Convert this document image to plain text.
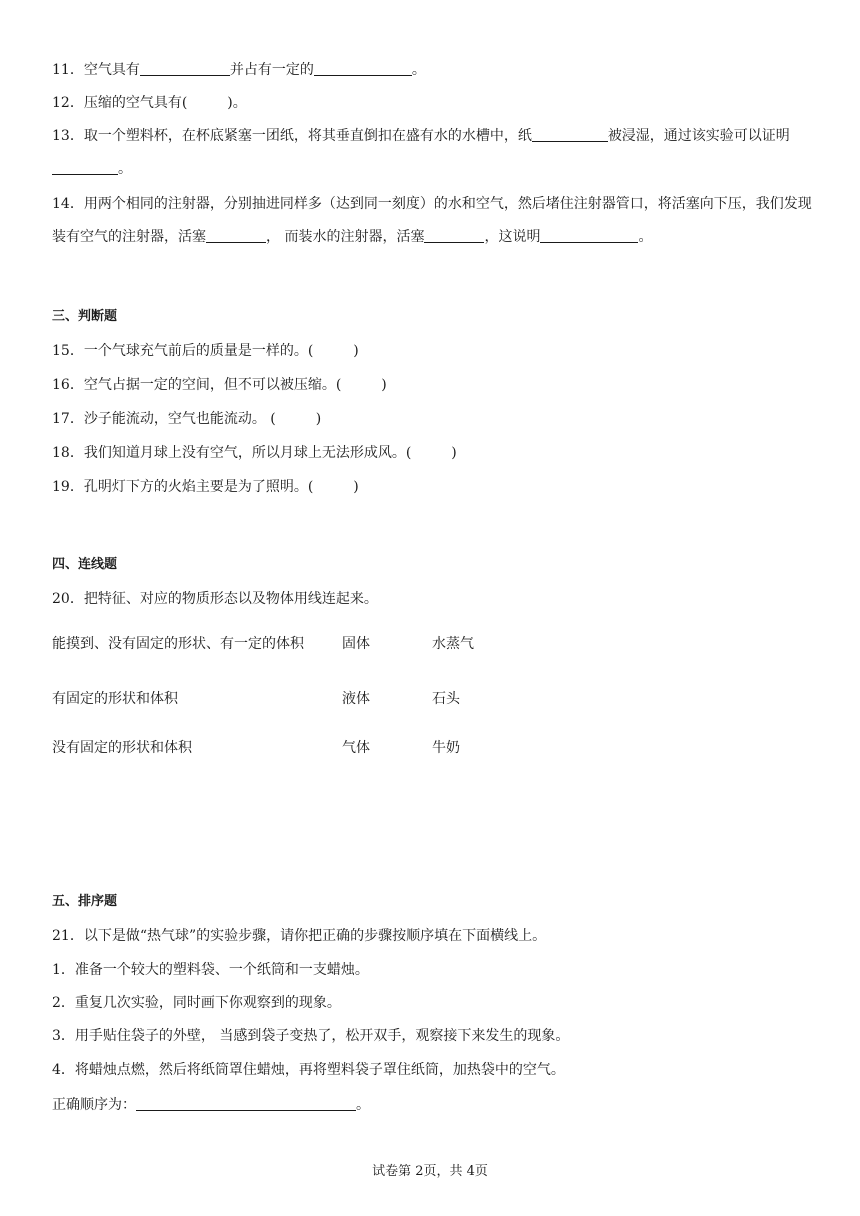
11．空气具有	并占有一定的	。
12．压缩的空气具有(	)。
13．取一个塑料杯，在杯底紧塞一团纸，将其垂直倒扣在盛有水的水槽中，纸	被浸湿，通过该实验可以证明。
14．用两个相同的注射器，分别抽进同样多（达到同一刻度）的水和空气，然后堵住注射器管口，将活塞向下压，我们发现装有空气的注射器，活塞	， 而装水的注射器，活塞	，这说明	。
三、判断题
15．一个气球充气前后的质量是一样的。(	)
16．空气占据一定的空间，但不可以被压缩。(	)
17．沙子能流动，空气也能流动。 (	)
18．我们知道月球上没有空气，所以月球上无法形成风。(	)
19．孔明灯下方的火焰主要是为了照明。(	)
四、连线题
20．把特征、对应的物质形态以及物体用线连起来。
能摸到、没有固定的形状、有一定的体积	固体	水蒸气
有固定的形状和体积	液体	石头
没有固定的形状和体积	气体	牛奶
五、排序题
21．以下是做“热气球”的实验步骤，请你把正确的步骤按顺序填在下面横线上。
1．准备一个较大的塑料袋、一个纸筒和一支蜡烛。
2．重复几次实验，同时画下你观察到的现象。
3．用手贴住袋子的外壁， 当感到袋子变热了，松开双手，观察接下来发生的现象。
4．将蜡烛点燃，然后将纸筒罩住蜡烛，再将塑料袋子罩住纸筒，加热袋中的空气。
正确顺序为：	。
试卷第 2页，共 4页
